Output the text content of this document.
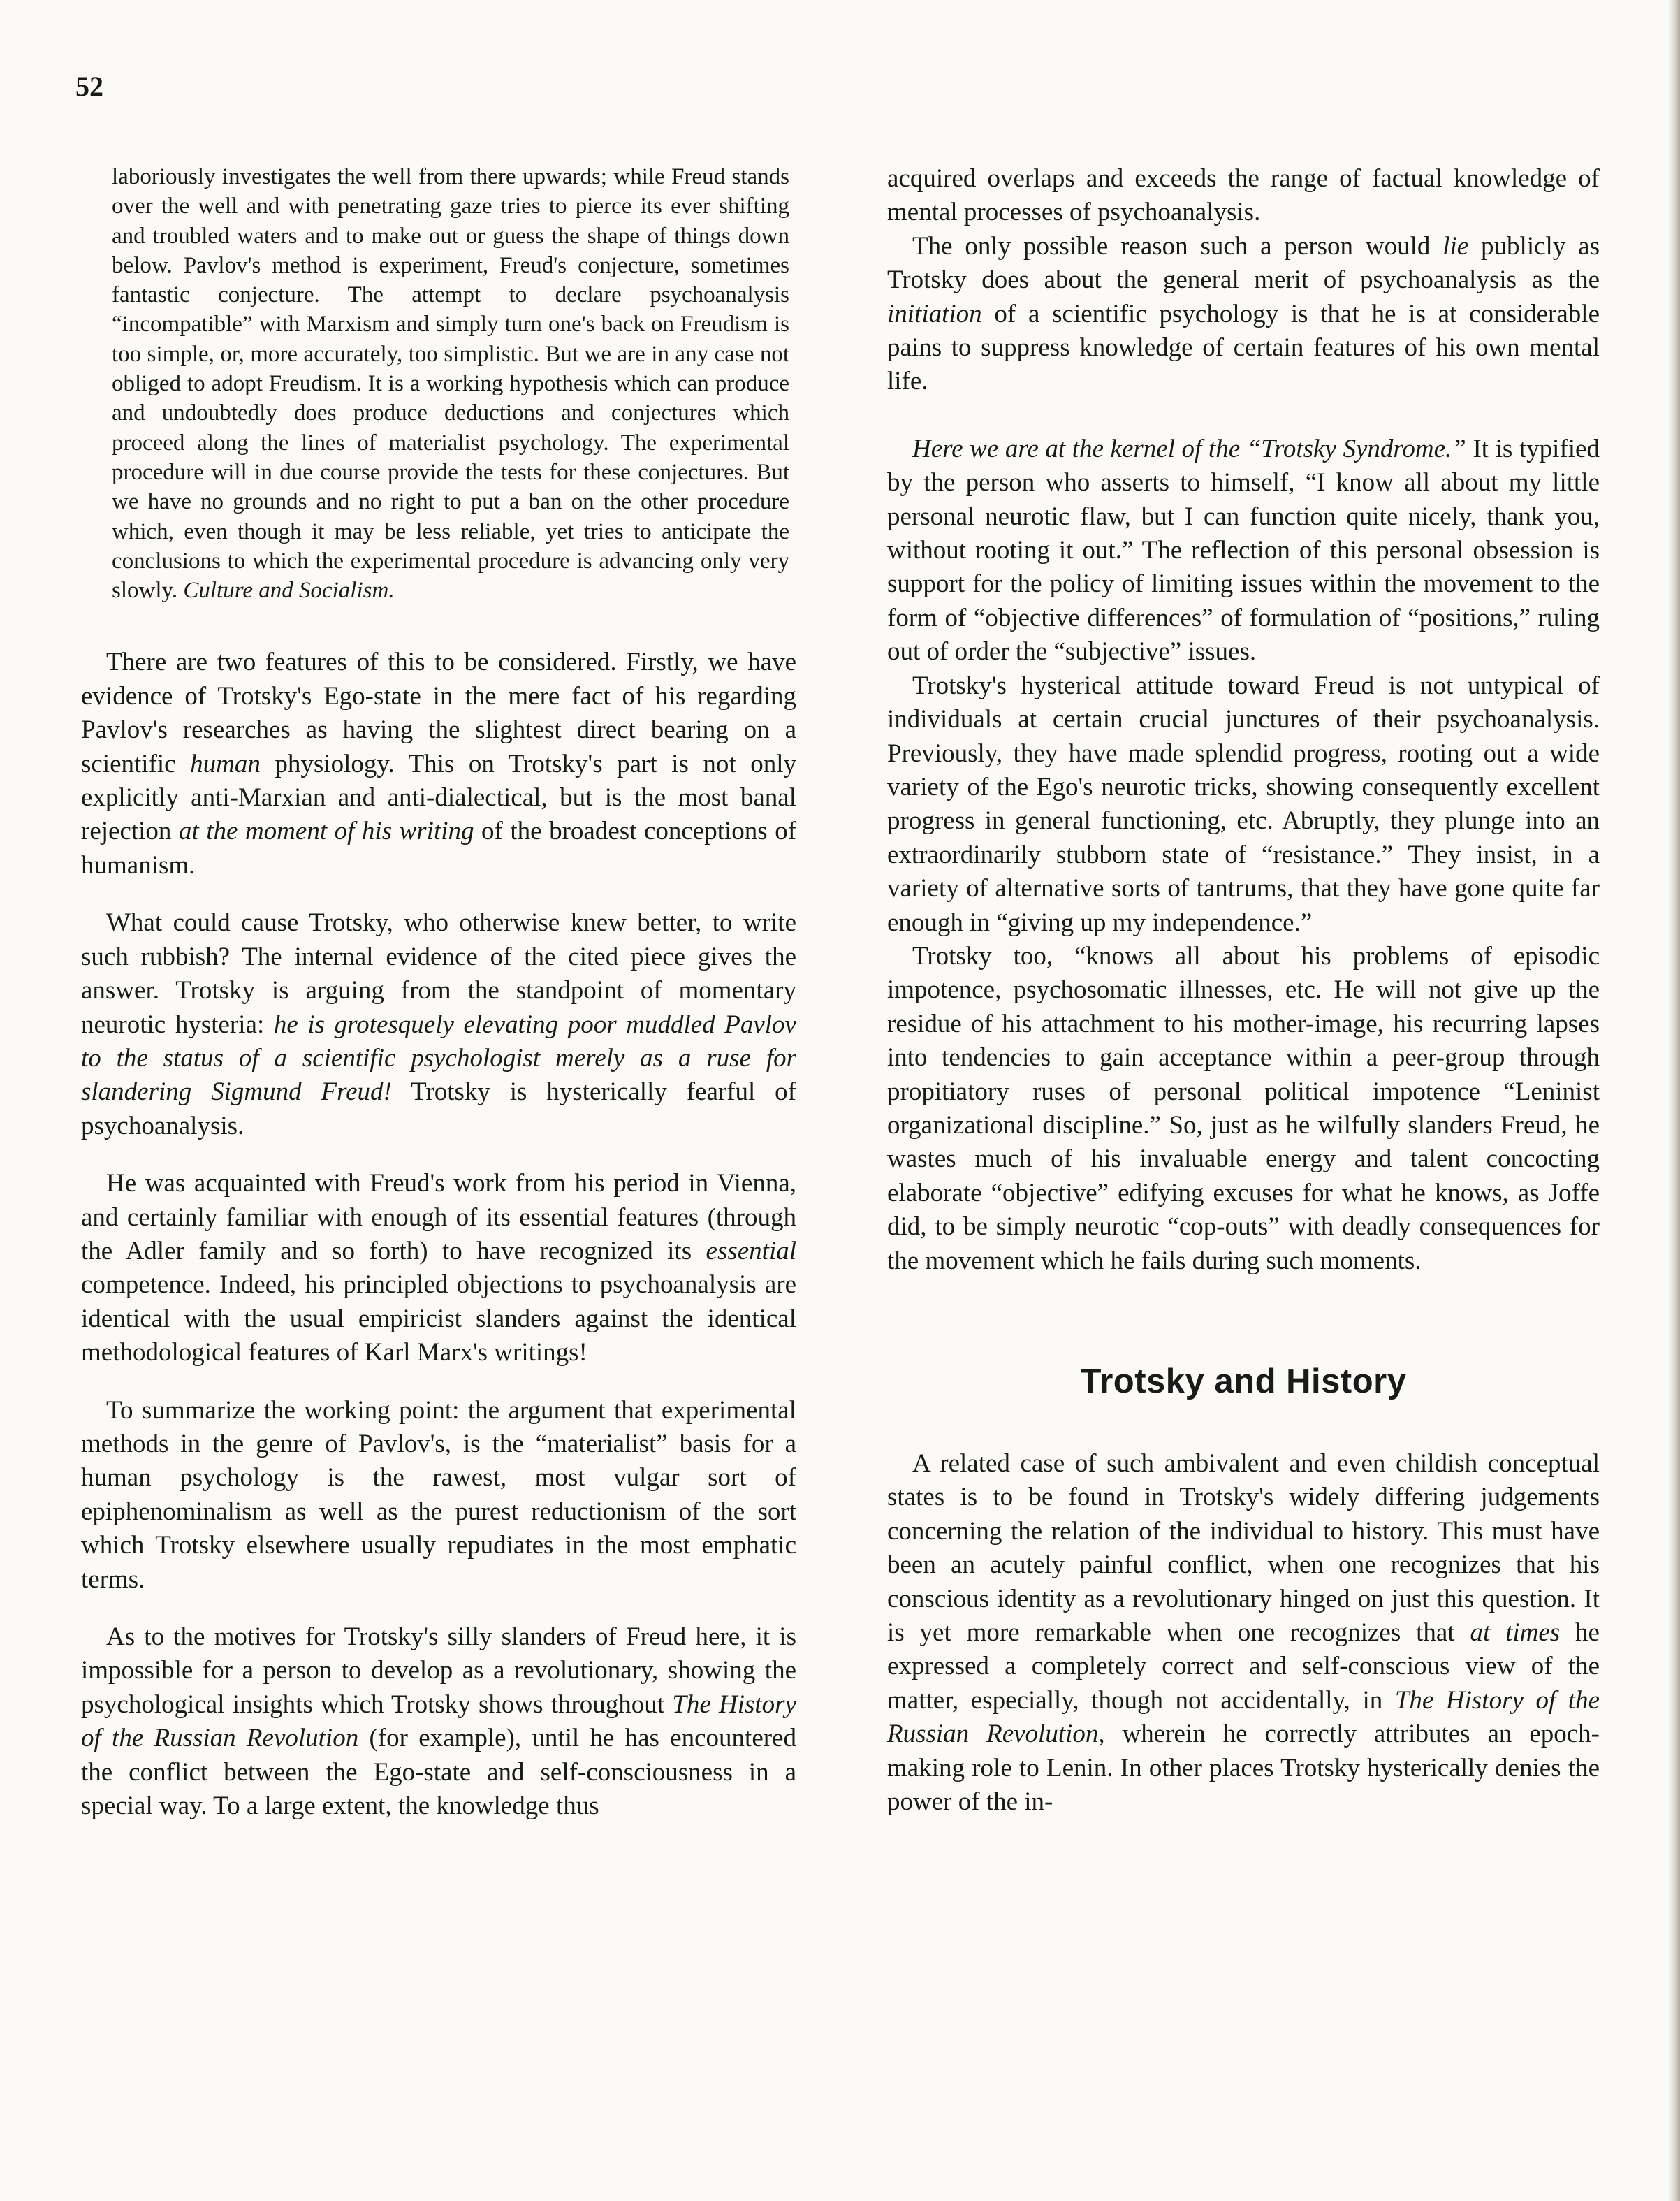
52

laboriously investigates the well from there upwards; while Freud stands over the well and with penetrating gaze tries to pierce its ever shifting and troubled waters and to make out or guess the shape of things down below. Pavlov's method is experiment, Freud's conjecture, sometimes fantastic conjecture. The attempt to declare psychoanalysis “incompatible” with Marxism and simply turn one's back on Freudism is too simple, or, more accurately, too simplistic. But we are in any case not obliged to adopt Freudism. It is a working hypothesis which can produce and undoubtedly does produce deductions and conjectures which proceed along the lines of materialist psychology. The experimental procedure will in due course provide the tests for these conjectures. But we have no grounds and no right to put a ban on the other procedure which, even though it may be less reliable, yet tries to anticipate the conclusions to which the experimental procedure is advancing only very slowly. Culture and Socialism.

There are two features of this to be considered. Firstly, we have evidence of Trotsky's Ego-state in the mere fact of his regarding Pavlov's researches as having the slightest direct bearing on a scientific human physiology. This on Trotsky's part is not only explicitly anti-Marxian and anti-dialectical, but is the most banal rejection at the moment of his writing of the broadest conceptions of humanism.

What could cause Trotsky, who otherwise knew better, to write such rubbish? The internal evidence of the cited piece gives the answer. Trotsky is arguing from the standpoint of momentary neurotic hysteria: he is grotesquely elevating poor muddled Pavlov to the status of a scientific psychologist merely as a ruse for slandering Sigmund Freud! Trotsky is hysterically fearful of psychoanalysis.

He was acquainted with Freud's work from his period in Vienna, and certainly familiar with enough of its essential features (through the Adler family and so forth) to have recognized its essential competence. Indeed, his principled objections to psychoanalysis are identical with the usual empiricist slanders against the identical methodological features of Karl Marx's writings!

To summarize the working point: the argument that experimental methods in the genre of Pavlov's, is the “materialist” basis for a human psychology is the rawest, most vulgar sort of epiphenominalism as well as the purest reductionism of the sort which Trotsky elsewhere usually repudiates in the most emphatic terms.

As to the motives for Trotsky's silly slanders of Freud here, it is impossible for a person to develop as a revolutionary, showing the psychological insights which Trotsky shows throughout The History of the Russian Revolution (for example), until he has encountered the conflict between the Ego-state and self-consciousness in a special way. To a large extent, the knowledge thus

acquired overlaps and exceeds the range of factual knowledge of mental processes of psychoanalysis.

The only possible reason such a person would lie publicly as Trotsky does about the general merit of psychoanalysis as the initiation of a scientific psychology is that he is at considerable pains to suppress knowledge of certain features of his own mental life.

Here we are at the kernel of the “Trotsky Syndrome.” It is typified by the person who asserts to himself, “I know all about my little personal neurotic flaw, but I can function quite nicely, thank you, without rooting it out.” The reflection of this personal obsession is support for the policy of limiting issues within the movement to the form of “objective differences” of formulation of “positions,” ruling out of order the “subjective” issues.

Trotsky's hysterical attitude toward Freud is not untypical of individuals at certain crucial junctures of their psychoanalysis. Previously, they have made splendid progress, rooting out a wide variety of the Ego's neurotic tricks, showing consequently excellent progress in general functioning, etc. Abruptly, they plunge into an extraordinarily stubborn state of “resistance.” They insist, in a variety of alternative sorts of tantrums, that they have gone quite far enough in “giving up my independence.”

Trotsky too, “knows all about his problems of episodic impotence, psychosomatic illnesses, etc. He will not give up the residue of his attachment to his mother-image, his recurring lapses into tendencies to gain acceptance within a peer-group through propitiatory ruses of personal political impotence “Leninist organizational discipline.” So, just as he wilfully slanders Freud, he wastes much of his invaluable energy and talent concocting elaborate “objective” edifying excuses for what he knows, as Joffe did, to be simply neurotic “cop-outs” with deadly consequences for the movement which he fails during such moments.

Trotsky and History

A related case of such ambivalent and even childish conceptual states is to be found in Trotsky's widely differing judgements concerning the relation of the individual to history. This must have been an acutely painful conflict, when one recognizes that his conscious identity as a revolutionary hinged on just this question. It is yet more remarkable when one recognizes that at times he expressed a completely correct and self-conscious view of the matter, especially, though not accidentally, in The History of the Russian Revolution, wherein he correctly attributes an epoch-making role to Lenin. In other places Trotsky hysterically denies the power of the in-
